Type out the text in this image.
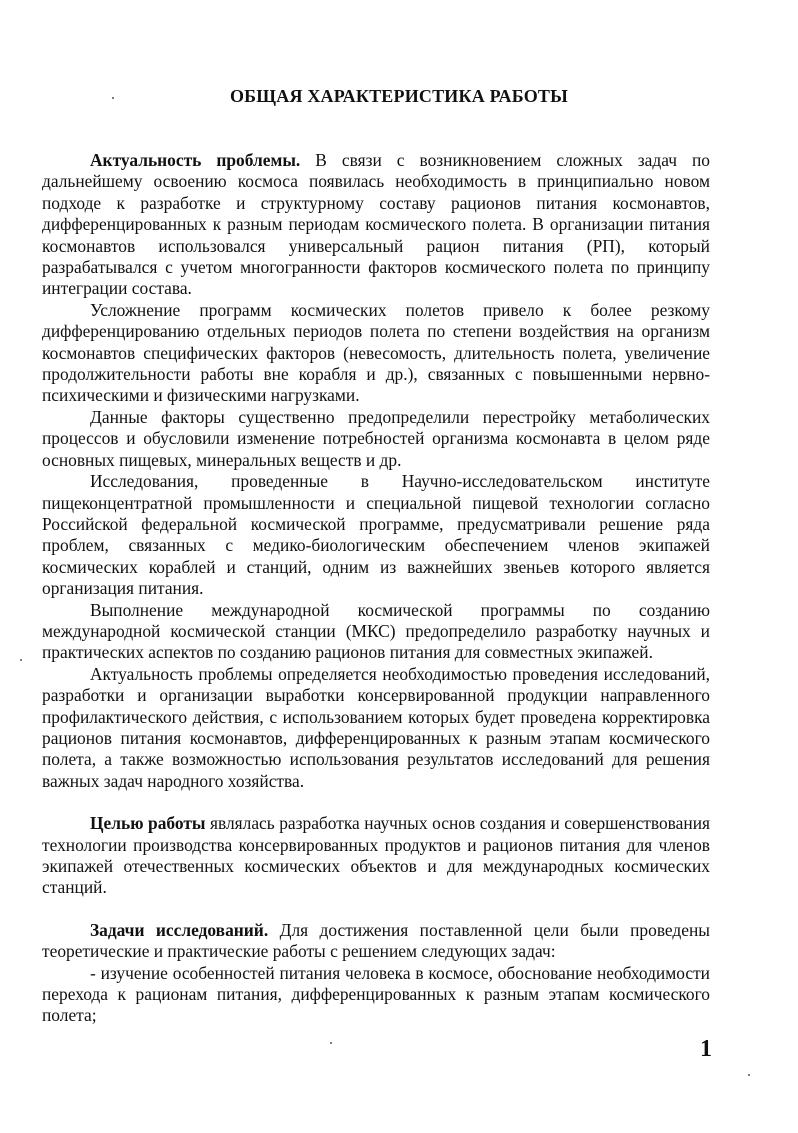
ОБЩАЯ ХАРАКТЕРИСТИКА РАБОТЫ

Актуальность проблемы. В связи с возникновением сложных задач по дальнейшему освоению космоса появилась необходимость в принципиально новом подходе к разработке и структурному составу рационов питания космонавтов, дифференцированных к разным периодам космического полета. В организации питания космонавтов использовался универсальный рацион питания (РП), который разрабатывался с учетом многогранности факторов космического полета по принципу интеграции состава.

Усложнение программ космических полетов привело к более резкому дифференцированию отдельных периодов полета по степени воздействия на организм космонавтов специфических факторов (невесомость, длительность полета, увеличение продолжительности работы вне корабля и др.), связанных с повышенными нервно-психическими и физическими нагрузками.

Данные факторы существенно предопределили перестройку метаболических процессов и обусловили изменение потребностей организма космонавта в целом ряде основных пищевых, минеральных веществ и др.

Исследования, проведенные в Научно-исследовательском институте пищеконцентратной промышленности и специальной пищевой технологии согласно Российской федеральной космической программе, предусматривали решение ряда проблем, связанных с медико-биологическим обеспечением членов экипажей космических кораблей и станций, одним из важнейших звеньев которого является организация питания.

Выполнение международной космической программы по созданию международной космической станции (МКС) предопределило разработку научных и практических аспектов по созданию рационов питания для совместных экипажей.

Актуальность проблемы определяется необходимостью проведения исследований, разработки и организации выработки консервированной продукции направленного профилактического действия, с использованием которых будет проведена корректировка рационов питания космонавтов, дифференцированных к разным этапам космического полета, а также возможностью использования результатов исследований для решения важных задач народного хозяйства.

Целью работы являлась разработка научных основ создания и совершенствования технологии производства консервированных продуктов и рационов питания для членов экипажей отечественных космических объектов и для международных космических станций.

Задачи исследований. Для достижения поставленной цели были проведены теоретические и практические работы с решением следующих задач:

- изучение особенностей питания человека в космосе, обоснование необходимости перехода к рационам питания, дифференцированных к разным этапам космического полета;

1
